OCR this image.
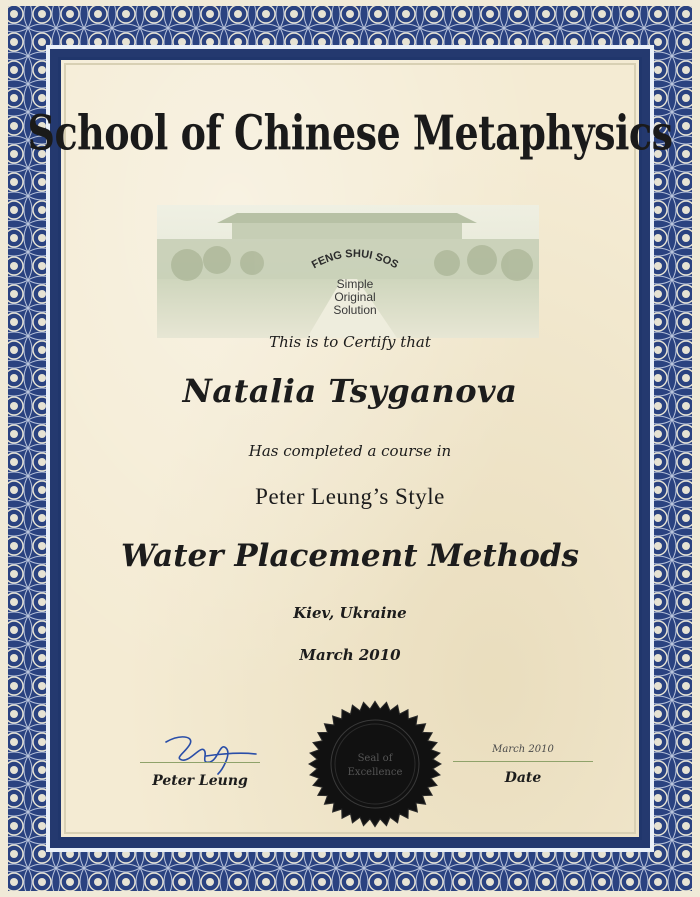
School of Chinese Metaphysics
FENG SHUI SOS
Simple
Original
Solution
This is to Certify that
Natalia Tsyganova
Has completed a course in
Peter Leung’s Style
Water Placement Methods
Kiev, Ukraine
March 2010
Peter Leung
Seal of
Excellence
March 2010
Date
